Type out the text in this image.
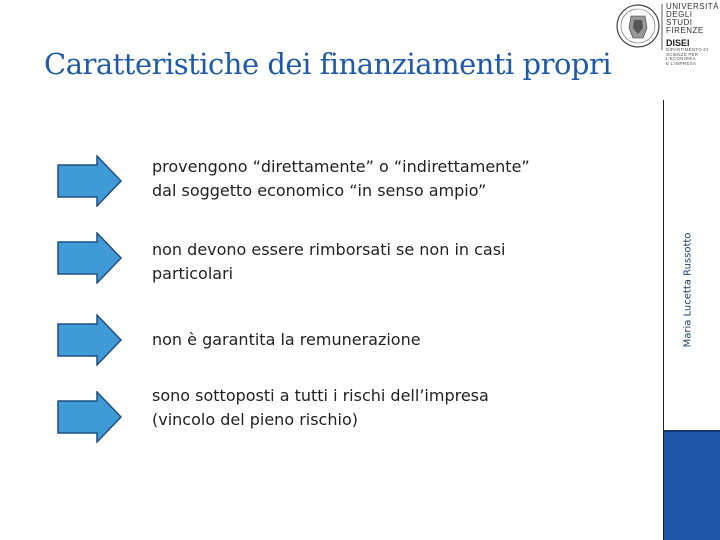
Caratteristiche dei finanziamenti propri
UNIVERSITÀ
DEGLI STUDI
FIRENZE
DISEI
DIPARTIMENTO DI
SCIENZE PER L'ECONOMIA
E L'IMPRESA
Maria Lucetta Russotto
provengono “direttamente” o “indirettamente”
dal soggetto economico “in senso ampio”
non devono essere rimborsati se non in casi
particolari
non è garantita la remunerazione
sono sottoposti a tutti i rischi dell’impresa
(vincolo del pieno rischio)
